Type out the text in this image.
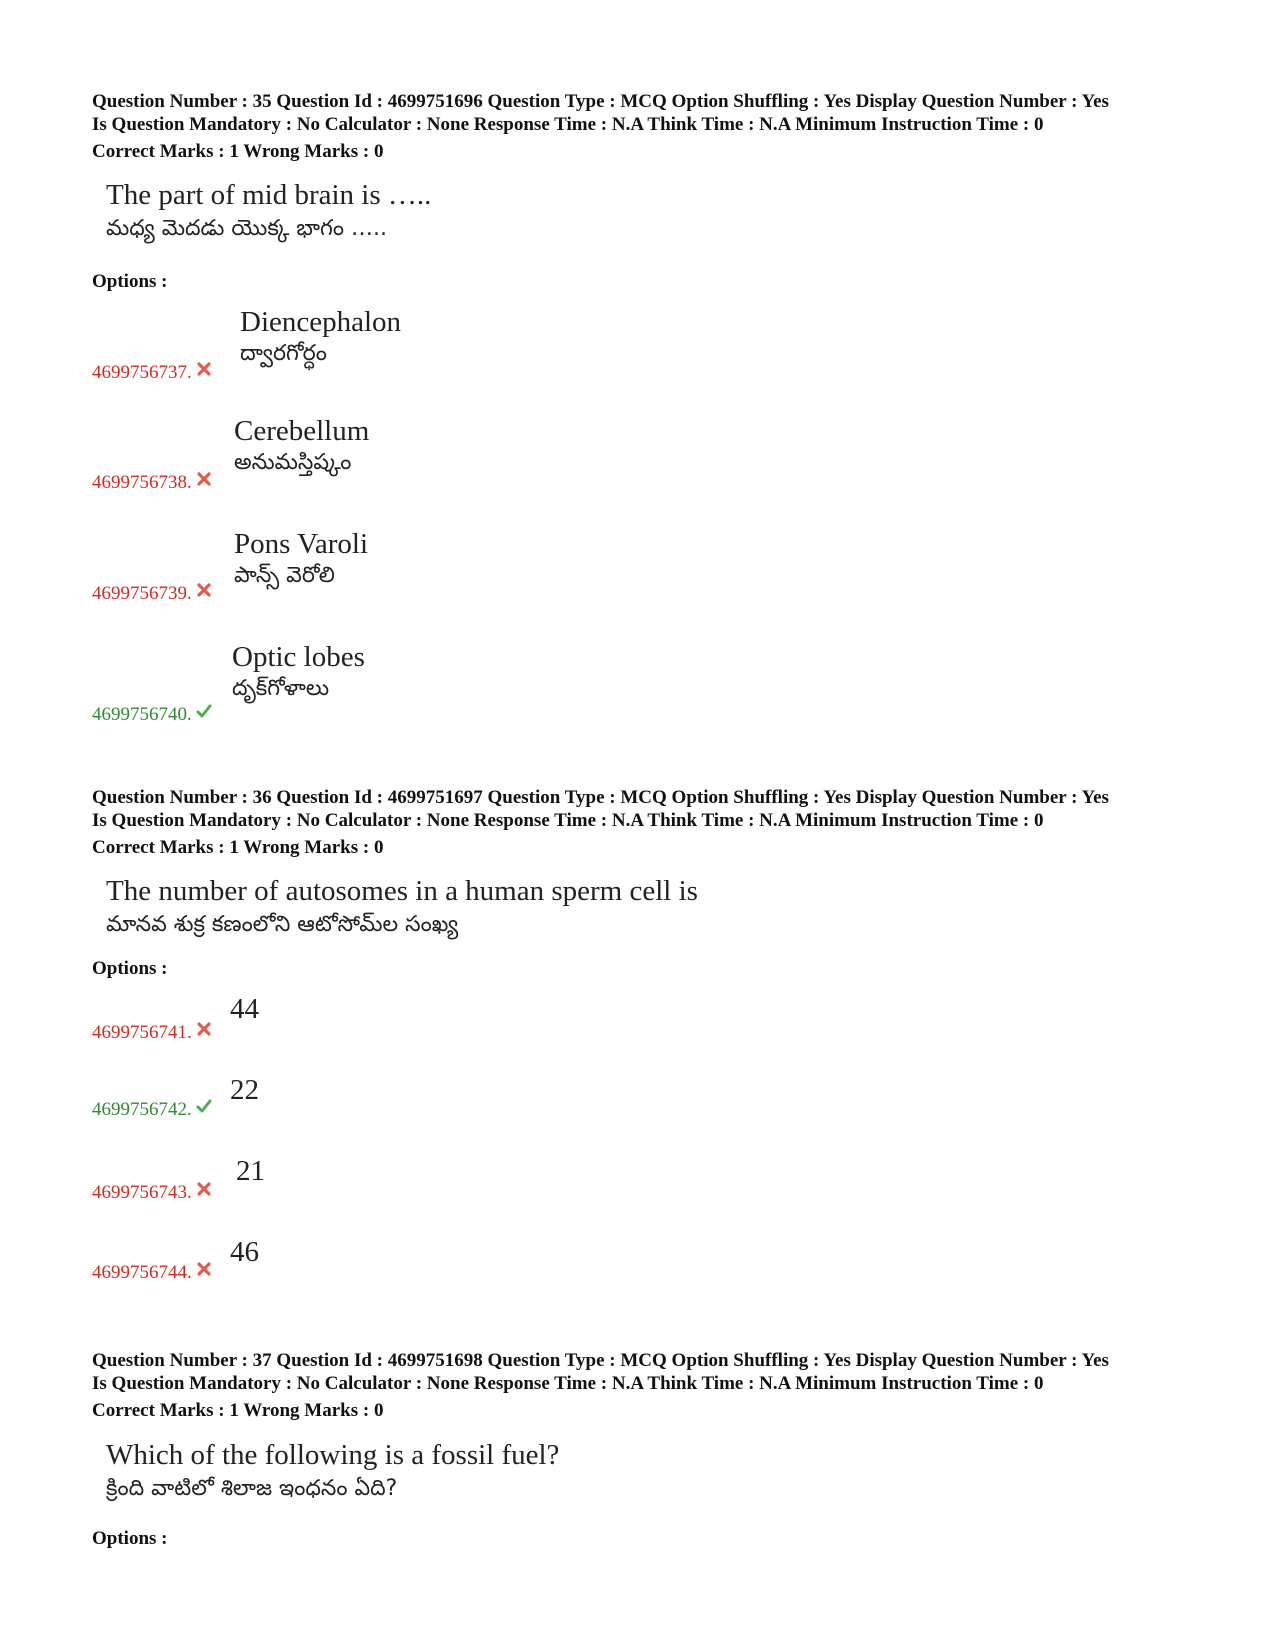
Question Number : 35 Question Id : 4699751696 Question Type : MCQ Option Shuffling : Yes Display Question Number : Yes
Is Question Mandatory : No Calculator : None Response Time : N.A Think Time : N.A Minimum Instruction Time : 0
Correct Marks : 1 Wrong Marks : 0
The part of mid brain is …..
మధ్య మెదడు యొక్క భాగం …..
Options :
Diencephalon
ద్వారగోర్ధం
4699756737.
Cerebellum
అనుమస్తిష్కం
4699756738.
Pons Varoli
పాన్స్ వెరోలి
4699756739.
Optic lobes
దృక్‌గోళాలు
4699756740.
Question Number : 36 Question Id : 4699751697 Question Type : MCQ Option Shuffling : Yes Display Question Number : Yes
Is Question Mandatory : No Calculator : None Response Time : N.A Think Time : N.A Minimum Instruction Time : 0
Correct Marks : 1 Wrong Marks : 0
The number of autosomes in a human sperm cell is
మానవ శుక్ర కణంలోని ఆటోసోమ్‌ల సంఖ్య
Options :
44
4699756741.
22
4699756742.
21
4699756743.
46
4699756744.
Question Number : 37 Question Id : 4699751698 Question Type : MCQ Option Shuffling : Yes Display Question Number : Yes
Is Question Mandatory : No Calculator : None Response Time : N.A Think Time : N.A Minimum Instruction Time : 0
Correct Marks : 1 Wrong Marks : 0
Which of the following is a fossil fuel?
క్రింది వాటిలో శిలాజ ఇంధనం ఏది?
Options :
